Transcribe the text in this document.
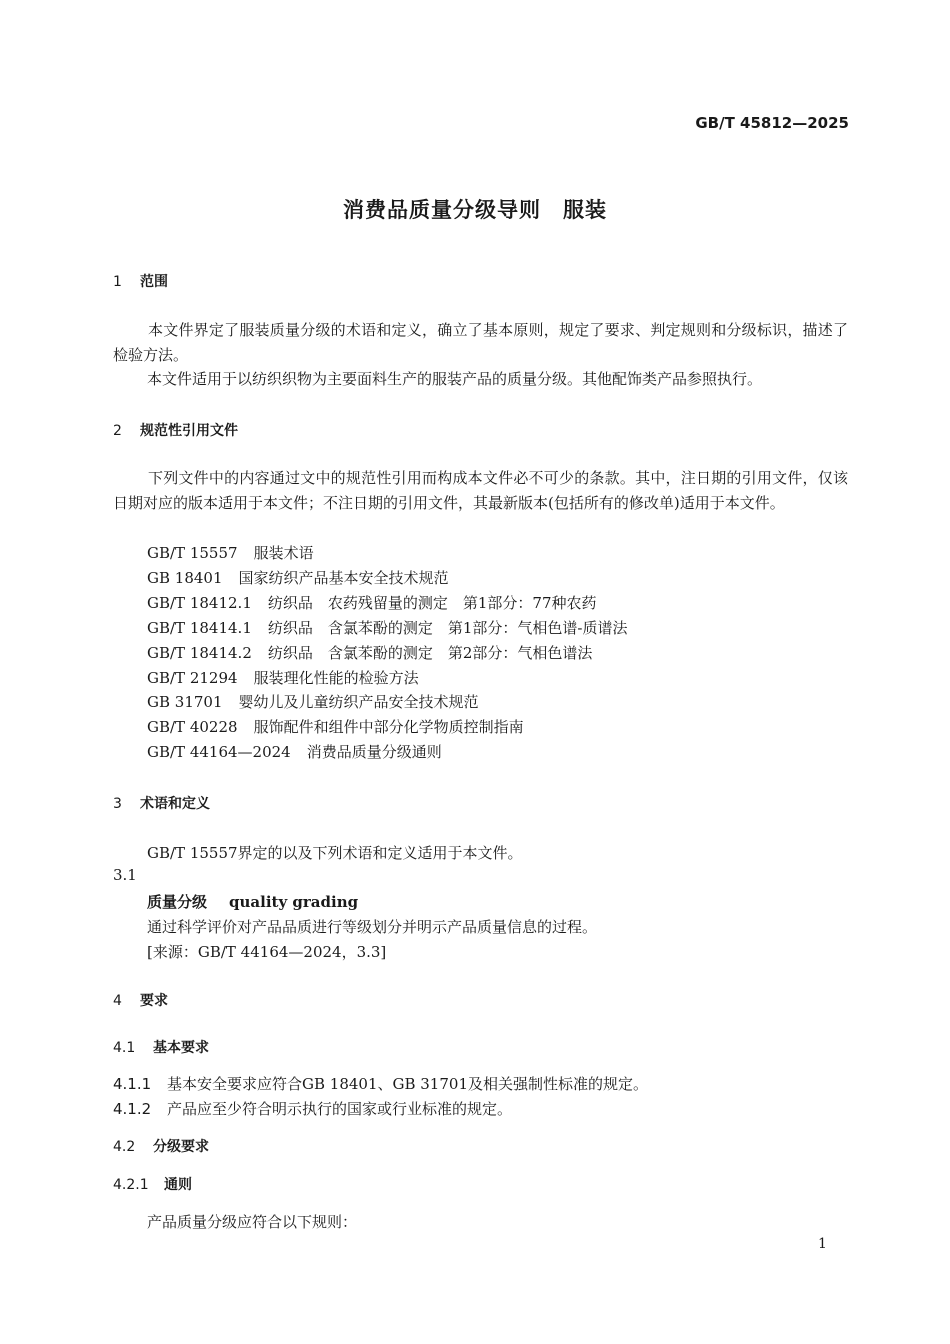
GB/T 45812—2025
消费品质量分级导则　服装
1 范围
本文件界定了服装质量分级的术语和定义，确立了基本原则，规定了要求、判定规则和分级标识，描述了检验方法。
本文件适用于以纺织织物为主要面料生产的服装产品的质量分级。其他配饰类产品参照执行。
2 规范性引用文件
下列文件中的内容通过文中的规范性引用而构成本文件必不可少的条款。其中，注日期的引用文件，仅该日期对应的版本适用于本文件；不注日期的引用文件，其最新版本(包括所有的修改单)适用于本文件。
GB/T 15557 服装术语
GB 18401 国家纺织产品基本安全技术规范
GB/T 18412.1 纺织品　农药残留量的测定　第1部分：77种农药
GB/T 18414.1 纺织品　含氯苯酚的测定　第1部分：气相色谱-质谱法
GB/T 18414.2 纺织品　含氯苯酚的测定　第2部分：气相色谱法
GB/T 21294 服装理化性能的检验方法
GB 31701 婴幼儿及儿童纺织产品安全技术规范
GB/T 40228 服饰配件和组件中部分化学物质控制指南
GB/T 44164—2024 消费品质量分级通则
3 术语和定义
GB/T 15557界定的以及下列术语和定义适用于本文件。
3.1
质量分级 quality grading
通过科学评价对产品品质进行等级划分并明示产品质量信息的过程。
[来源：GB/T 44164—2024，3.3]
4 要求
4.1 基本要求
4.1.1 基本安全要求应符合GB 18401、GB 31701及相关强制性标准的规定。
4.1.2 产品应至少符合明示执行的国家或行业标准的规定。
4.2 分级要求
4.2.1 通则
产品质量分级应符合以下规则：
1
